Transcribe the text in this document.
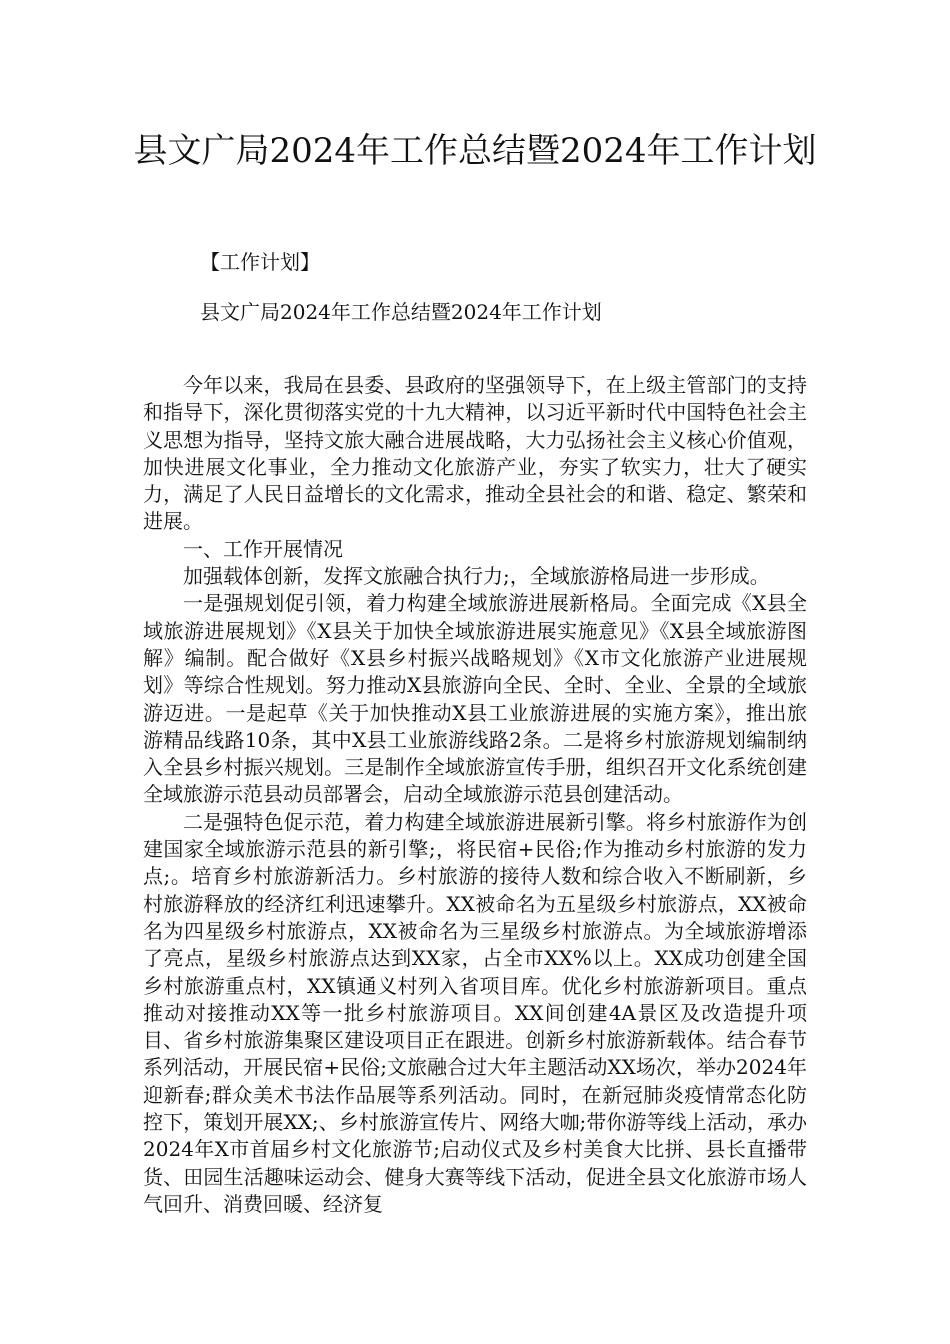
县文广局2024年工作总结暨2024年工作计划

【工作计划】

县文广局2024年工作总结暨2024年工作计划

今年以来，我局在县委、县政府的坚强领导下，在上级主管部门的支持和指导下，深化贯彻落实党的十九大精神，以习近平新时代中国特色社会主义思想为指导，坚持文旅大融合进展战略，大力弘扬社会主义核心价值观，加快进展文化事业，全力推动文化旅游产业，夯实了软实力，壮大了硬实力，满足了人民日益增长的文化需求，推动全县社会的和谐、稳定、繁荣和进展。

一、工作开展情况

加强载体创新，发挥文旅融合执行力;，全域旅游格局进一步形成。

一是强规划促引领，着力构建全域旅游进展新格局。全面完成《X县全域旅游进展规划》《X县关于加快全域旅游进展实施意见》《X县全域旅游图解》编制。配合做好《X县乡村振兴战略规划》《X市文化旅游产业进展规划》等综合性规划。努力推动X县旅游向全民、全时、全业、全景的全域旅游迈进。一是起草《关于加快推动X县工业旅游进展的实施方案》，推出旅游精品线路10条，其中X县工业旅游线路2条。二是将乡村旅游规划编制纳入全县乡村振兴规划。三是制作全域旅游宣传手册，组织召开文化系统创建全域旅游示范县动员部署会，启动全域旅游示范县创建活动。

二是强特色促示范，着力构建全域旅游进展新引擎。将乡村旅游作为创建国家全域旅游示范县的新引擎;，将民宿+民俗;作为推动乡村旅游的发力点;。培育乡村旅游新活力。乡村旅游的接待人数和综合收入不断刷新，乡村旅游释放的经济红利迅速攀升。XX被命名为五星级乡村旅游点，XX被命名为四星级乡村旅游点，XX被命名为三星级乡村旅游点。为全域旅游增添了亮点，星级乡村旅游点达到XX家，占全市XX%以上。XX成功创建全国乡村旅游重点村，XX镇通义村列入省项目库。优化乡村旅游新项目。重点推动对接推动XX等一批乡村旅游项目。XX间创建4A景区及改造提升项目、省乡村旅游集聚区建设项目正在跟进。创新乡村旅游新载体。结合春节系列活动，开展民宿+民俗;文旅融合过大年主题活动XX场次，举办2024年迎新春;群众美术书法作品展等系列活动。同时，在新冠肺炎疫情常态化防控下，策划开展XX;、乡村旅游宣传片、网络大咖;带你游等线上活动，承办2024年X市首届乡村文化旅游节;启动仪式及乡村美食大比拼、县长直播带货、田园生活趣味运动会、健身大赛等线下活动，促进全县文化旅游市场人气回升、消费回暖、经济复
